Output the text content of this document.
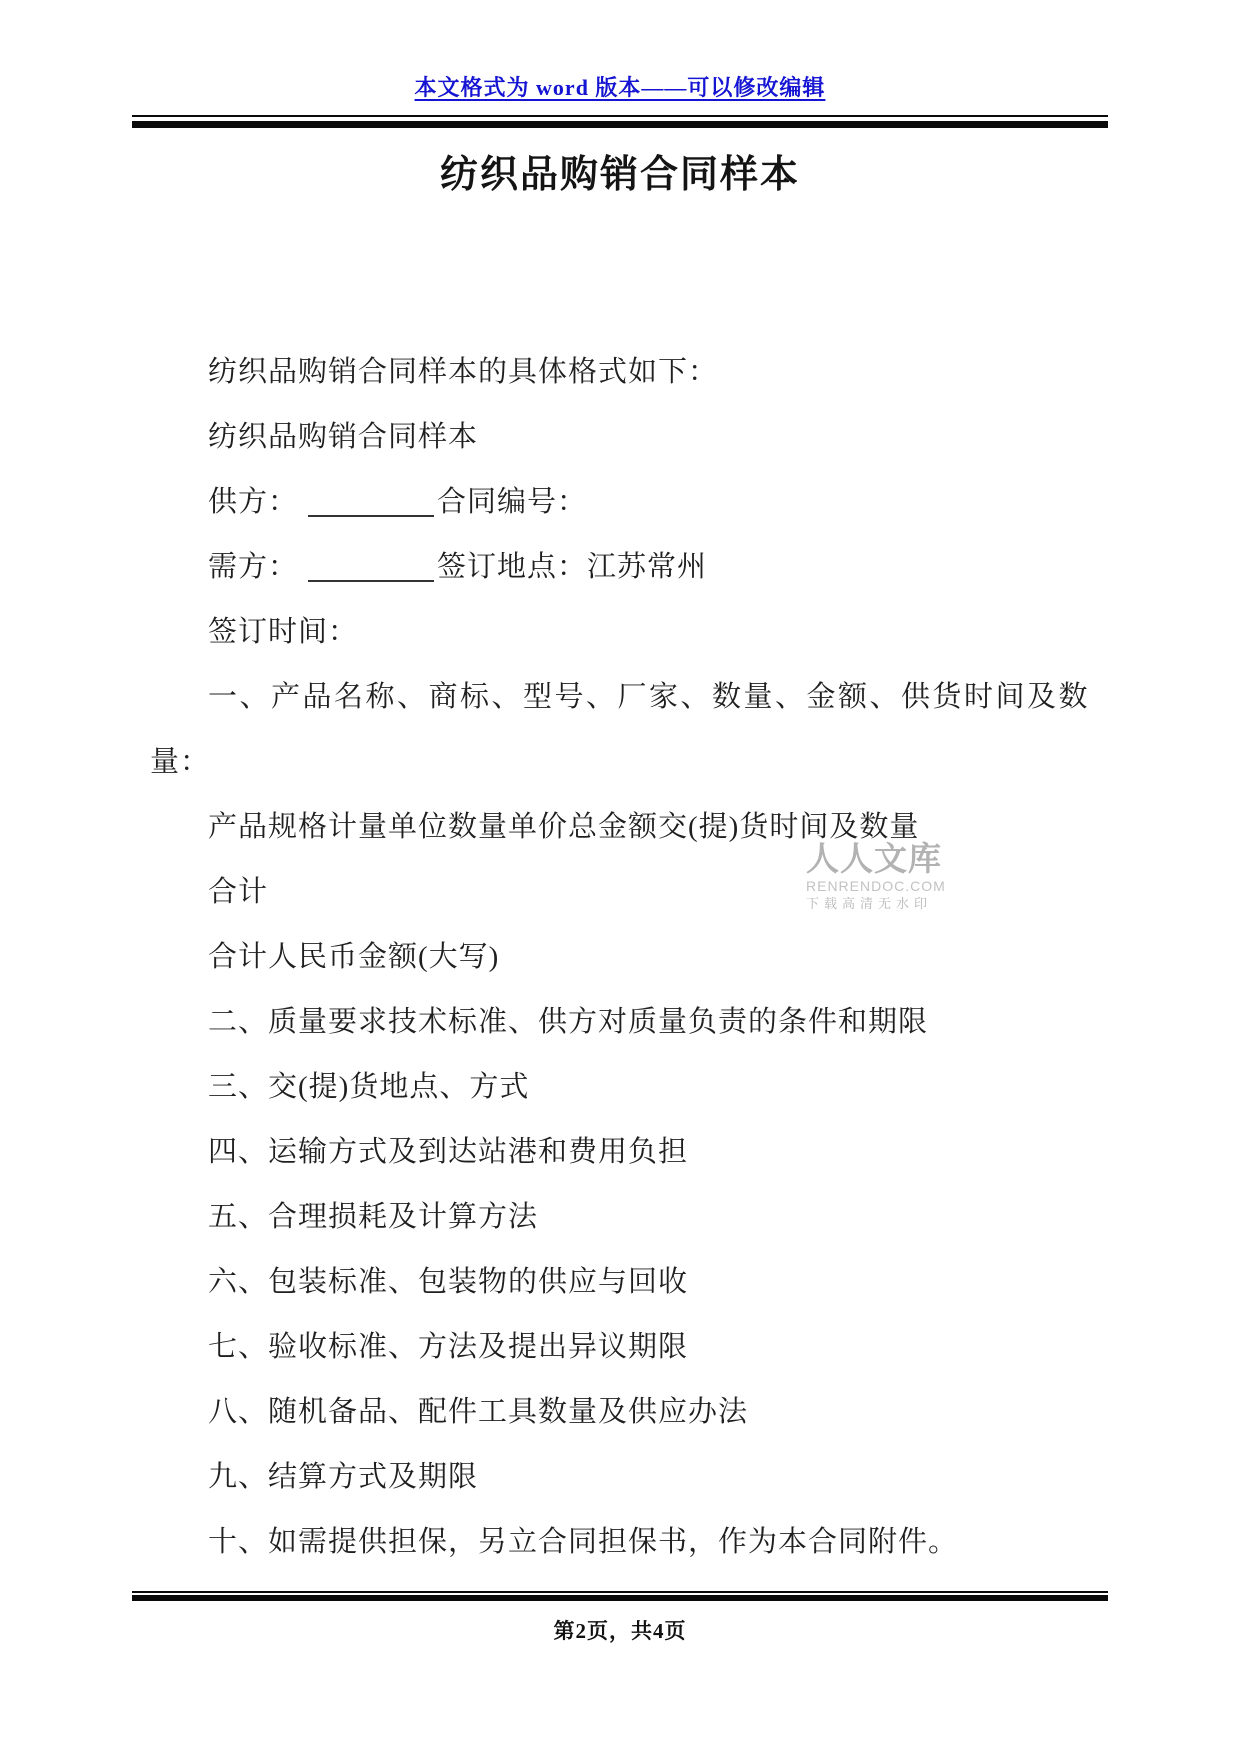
本文格式为 word 版本——可以修改编辑
纺织品购销合同样本
纺织品购销合同样本的具体格式如下：
纺织品购销合同样本
供方：	合同编号：
需方：	签订地点：江苏常州
签订时间：
一、产品名称、商标、型号、厂家、数量、金额、供货时间及数
量：
产品规格计量单位数量单价总金额交(提)货时间及数量
合计
合计人民币金额(大写)
二、质量要求技术标准、供方对质量负责的条件和期限
三、交(提)货地点、方式
四、运输方式及到达站港和费用负担
五、合理损耗及计算方法
六、包装标准、包装物的供应与回收
七、验收标准、方法及提出异议期限
八、随机备品、配件工具数量及供应办法
九、结算方式及期限
十、如需提供担保，另立合同担保书，作为本合同附件。
人人文库
RENRENDOC.COM
下载高清无水印
第2页，共4页
